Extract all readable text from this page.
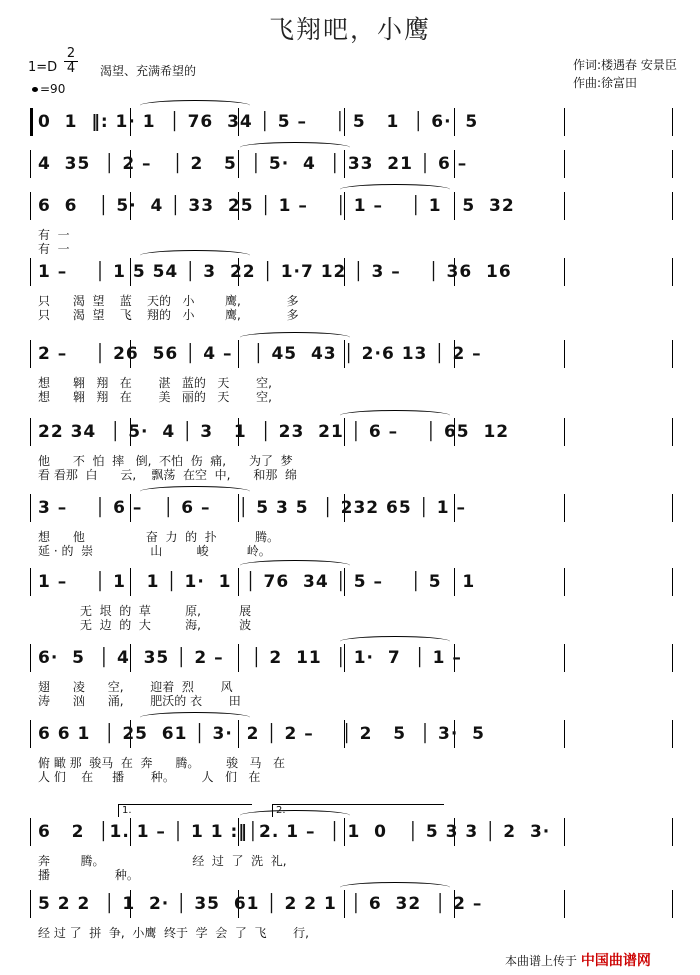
飞翔吧，小鹰
1=D
2
4 渴望、充满希望的
=90
作词:楼遇春 安景臣
作曲:徐富田
0  1  ‖: 1· 1  │ 76  34 │ 5 –    │ 5   1  │ 6·  5
4  35  │ 2 –   │ 2   5  │ 5·  4  │ 33  21 │ 6 –
6  6   │ 5·  4 │ 33  25 │ 1 –    │ 1 –    │ 1   5  32
有  一
有  一
1 –    │ 1 5 54 │ 3  22 │ 1·7 12 │ 3 –    │ 36  16
只      渴  望    蓝    天的   小        鹰,            多
只      渴  望    飞    翔的   小        鹰,            多
2 –    │ 26  56 │ 4 –   │ 45  43 │ 2·6 13 │ 2 –
想      翱   翔   在       湛   蓝的   天       空,
想      翱   翔   在       美   丽的   天       空,
22 34  │ 5·  4 │ 3   1  │ 23  21 │ 6 –    │ 65  12
他      不  怕  摔   倒,  不怕  伤  痛,      为了  梦
看 看那  白      云,    飘荡  在空  中,      和那  绵
3 –    │ 6 –   │ 6 –    │ 5 3 5  │ 232 65 │ 1 –
想      他                奋  力  的  扑          腾。
延 · 的  崇               山         峻          岭。
1 –    │ 1   1 │ 1·  1  │ 76  34 │ 5 –    │ 5   1
无  垠  的  草         原,          展
无  边  的  大         海,          波
6·  5  │ 4  35 │ 2 –    │ 2  11  │ 1·  7  │ 1 –
翅      凌      空,       迎着  烈       风
涛      汹      涌,       肥沃的 衣       田
6 6 1  │ 25  61 │ 3·  2 │ 2 –    │ 2   5  │ 3·  5
俯 瞰 那  骏马  在  奔      腾。       骏   马   在
人 们    在     播       种。       人   们   在
6   2  │1. 1 – │ 1 1 :‖│2. 1 –  │ 1  0   │ 5 3 3 │ 2  3·
奔        腾。                       经  过  了  洗  礼,
播                 种。
1.	2.
5 2 2  │ 1  2· │ 35  61 │ 2 2 1  │ 6  32  │ 2 –
经 过 了  拼  争,  小鹰  终于  学  会  了  飞       行,
本曲谱上传于 中国曲谱网
